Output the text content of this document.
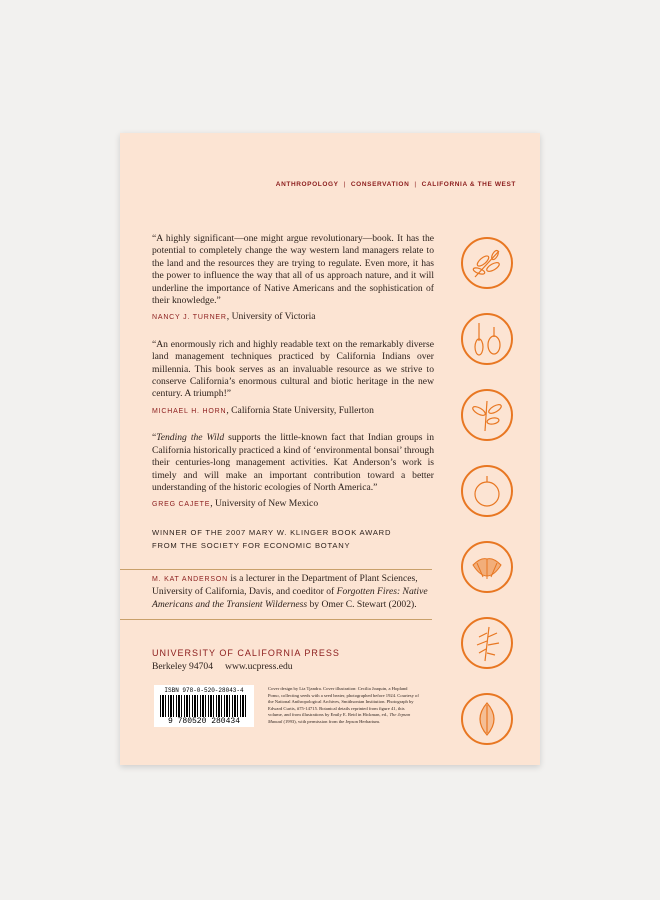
ANTHROPOLOGY | CONSERVATION | CALIFORNIA & THE WEST

“A highly significant—one might argue revolutionary—book. It has the potential to completely change the way western land managers relate to the land and the resources they are trying to regulate. Even more, it has the power to influence the way that all of us approach nature, and it will underline the importance of Native Americans and the sophistication of their knowledge.”

NANCY J. TURNER, University of Victoria

“An enormously rich and highly readable text on the remarkably diverse land management techniques practiced by California Indians over millennia. This book serves as an invaluable resource as we strive to conserve California’s enormous cultural and biotic heritage in the new century. A triumph!”

MICHAEL H. HORN, California State University, Fullerton

“Tending the Wild supports the little-known fact that Indian groups in California historically practiced a kind of ‘environmental bonsai’ through their centuries-long management activities. Kat Anderson’s work is timely and will make an important contribution toward a better understanding of the historic ecologies of North America.”

GREG CAJETE, University of New Mexico
WINNER OF THE 2007 MARY W. KLINGER BOOK AWARD
FROM THE SOCIETY FOR ECONOMIC BOTANY
M. KAT ANDERSON is a lecturer in the Department of Plant Sciences, University of California, Davis, and coeditor of Forgotten Fires: Native Americans and the Transient Wilderness by Omer C. Stewart (2002).
UNIVERSITY OF CALIFORNIA PRESS
Berkeley 94704 www.ucpress.edu
ISBN 978-0-520-28043-4
9 780520 280434
Cover design by Lia Tjandra. Cover illustration: Cecilia Joaquin, a Hopland Pomo, collecting seeds with a seed beater, photographed before 1924. Courtesy of the National Anthropological Archives, Smithsonian Institution. Photograph by Edward Curtis, #75-14715. Botanical details reprinted from figure 41, this volume, and from illustrations by Emily E. Reid in Hickman, ed., The Jepson Manual (1993), with permission from the Jepson Herbarium.
